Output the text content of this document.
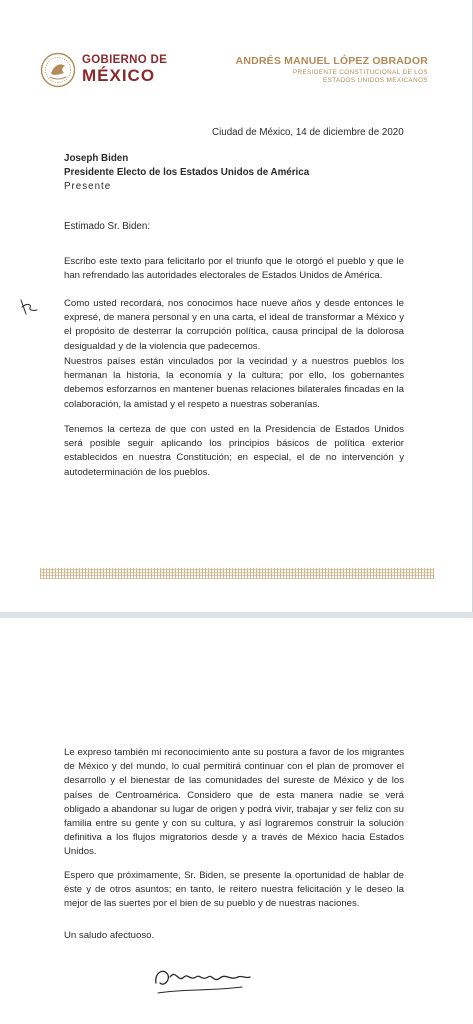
GOBIERNO DE
MÉXICO
ANDRÉS MANUEL LÓPEZ OBRADOR
PRESIDENTE CONSTITUCIONAL DE LOS
ESTADOS UNIDOS MEXICANOS
Ciudad de México, 14 de diciembre de 2020
Joseph Biden
Presidente Electo de los Estados Unidos de América
Presente
Estimado Sr. Biden:

Escribo este texto para felicitarlo por el triunfo que le otorgó el pueblo y que le han refrendado las autoridades electorales de Estados Unidos de América.

Como usted recordará, nos conocimos hace nueve años y desde entonces le expresé, de manera personal y en una carta, el ideal de transformar a México y el propósito de desterrar la corrupción política, causa principal de la dolorosa desigualdad y de la violencia que padecemos.

Nuestros países están vinculados por la vecindad y a nuestros pueblos los hermanan la historia, la economía y la cultura; por ello, los gobernantes debemos esforzarnos en mantener buenas relaciones bilaterales fincadas en la colaboración, la amistad y el respeto a nuestras soberanías.

Tenemos la certeza de que con usted en la Presidencia de Estados Unidos será posible seguir aplicando los principios básicos de política exterior establecidos en nuestra Constitución; en especial, el de no intervención y autodeterminación de los pueblos.

Le expreso también mi reconocimiento ante su postura a favor de los migrantes de México y del mundo, lo cual permitirá continuar con el plan de promover el desarrollo y el bienestar de las comunidades del sureste de México y de los países de Centroamérica. Considero que de esta manera nadie se verá obligado a abandonar su lugar de origen y podrá vivir, trabajar y ser feliz con su familia entre su gente y con su cultura, y así lograremos construir la solución definitiva a los flujos migratorios desde y a través de México hacia Estados Unidos.

Espero que próximamente, Sr. Biden, se presente la oportunidad de hablar de éste y de otros asuntos; en tanto, le reitero nuestra felicitación y le deseo la mejor de las suertes por el bien de su pueblo y de nuestras naciones.

Un saludo afectuoso.
